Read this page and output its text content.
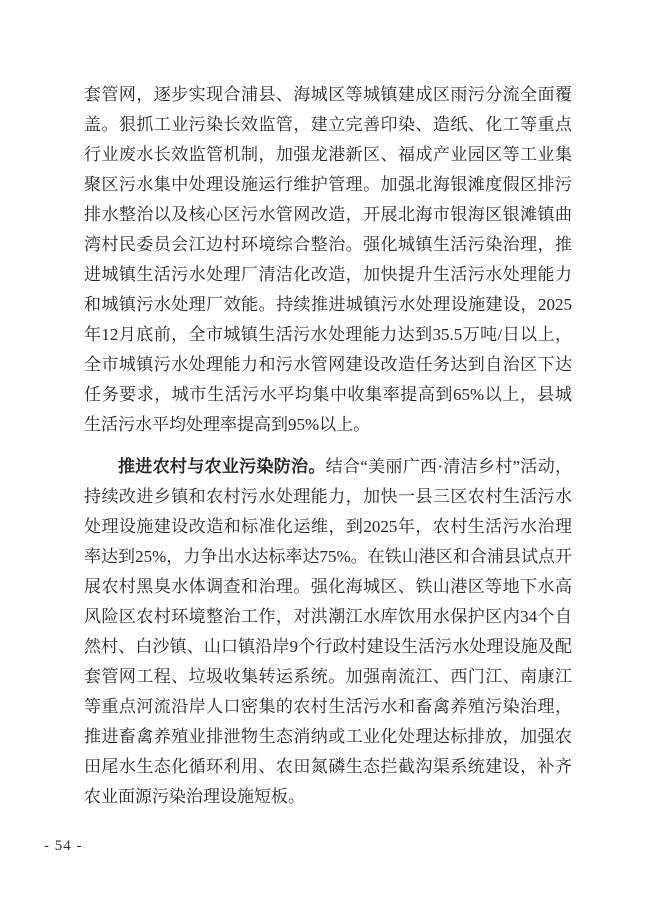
套管网，逐步实现合浦县、海城区等城镇建成区雨污分流全面覆盖。狠抓工业污染长效监管，建立完善印染、造纸、化工等重点行业废水长效监管机制，加强龙港新区、福成产业园区等工业集聚区污水集中处理设施运行维护管理。加强北海银滩度假区排污排水整治以及核心区污水管网改造，开展北海市银海区银滩镇曲湾村民委员会江边村环境综合整治。强化城镇生活污染治理，推进城镇生活污水处理厂清洁化改造，加快提升生活污水处理能力和城镇污水处理厂效能。持续推进城镇污水处理设施建设，2025年12月底前，全市城镇生活污水处理能力达到35.5万吨/日以上，全市城镇污水处理能力和污水管网建设改造任务达到自治区下达任务要求，城市生活污水平均集中收集率提高到65%以上，县城生活污水平均处理率提高到95%以上。

推进农村与农业污染防治。结合“美丽广西·清洁乡村”活动，持续改进乡镇和农村污水处理能力，加快一县三区农村生活污水处理设施建设改造和标准化运维，到2025年，农村生活污水治理率达到25%，力争出水达标率达75%。在铁山港区和合浦县试点开展农村黑臭水体调查和治理。强化海城区、铁山港区等地下水高风险区农村环境整治工作，对洪潮江水库饮用水保护区内34个自然村、白沙镇、山口镇沿岸9个行政村建设生活污水处理设施及配套管网工程、垃圾收集转运系统。加强南流江、西门江、南康江等重点河流沿岸人口密集的农村生活污水和畜禽养殖污染治理，推进畜禽养殖业排泄物生态消纳或工业化处理达标排放，加强农田尾水生态化循环利用、农田氮磷生态拦截沟渠系统建设，补齐农业面源污染治理设施短板。

- 54 -
